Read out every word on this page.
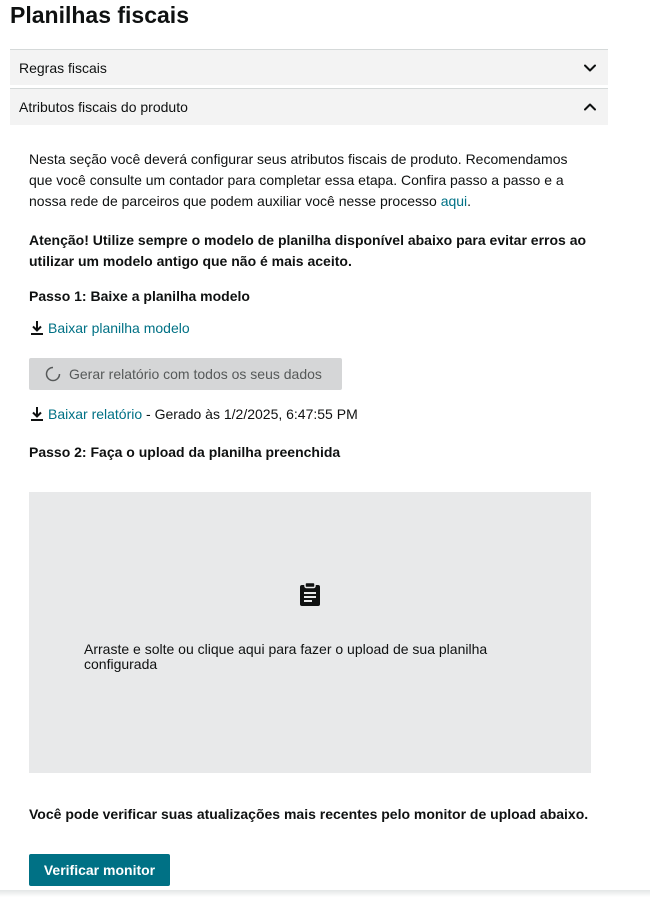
Planilhas fiscais
Regras fiscais
Atributos fiscais do produto
Nesta seção você deverá configurar seus atributos fiscais de produto. Recomendamos que você consulte um contador para completar essa etapa. Confira passo a passo e a nossa rede de parceiros que podem auxiliar você nesse processo aqui.
Atenção! Utilize sempre o modelo de planilha disponível abaixo para evitar erros ao utilizar um modelo antigo que não é mais aceito.
Passo 1: Baixe a planilha modelo
Baixar planilha modelo
Gerar relatório com todos os seus dados
Baixar relatório - Gerado às 1/2/2025, 6:47:55 PM
Passo 2: Faça o upload da planilha preenchida
Arraste e solte ou clique aqui para fazer o upload de sua planilha configurada
Você pode verificar suas atualizações mais recentes pelo monitor de upload abaixo.
Verificar monitor
